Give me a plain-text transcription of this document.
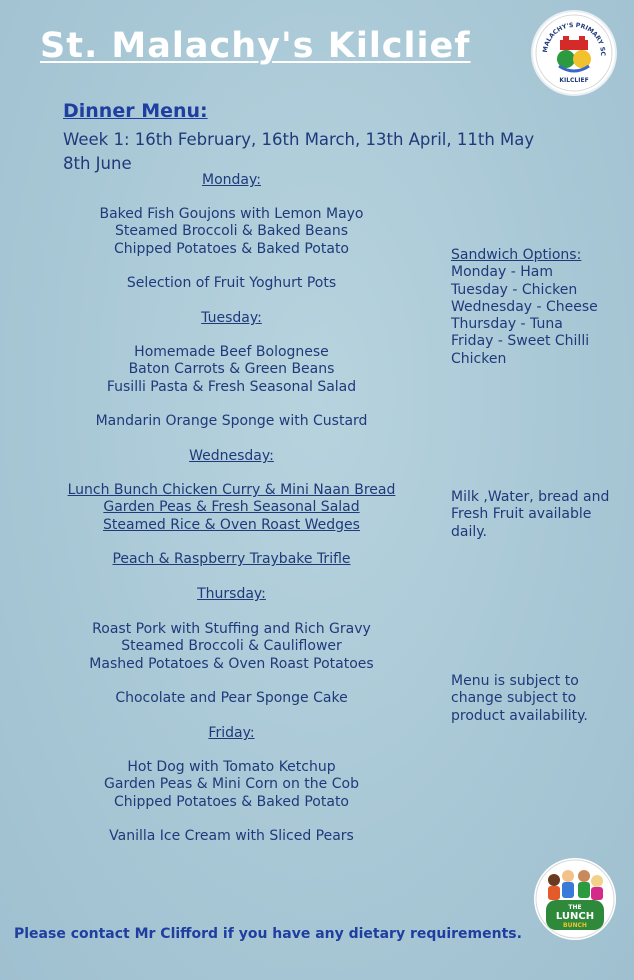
St. Malachy's Kilclief	MALACHY'S PRIMARY SC
KILCLIEF
Dinner Menu:
Week 1: 16th February, 16th March, 13th April, 11th May
8th June
Monday:
Baked Fish Goujons with Lemon Mayo
Steamed Broccoli & Baked Beans
Chipped Potatoes & Baked Potato
Selection of Fruit Yoghurt Pots
Tuesday:
Homemade Beef Bolognese
Baton Carrots & Green Beans
Fusilli Pasta & Fresh Seasonal Salad
Mandarin Orange Sponge with Custard
Wednesday:
Lunch Bunch Chicken Curry & Mini Naan Bread
Garden Peas & Fresh Seasonal Salad
Steamed Rice & Oven Roast Wedges
Peach & Raspberry Traybake Trifle
Thursday:
Roast Pork with Stuffing and Rich Gravy
Steamed Broccoli & Cauliflower
Mashed Potatoes & Oven Roast Potatoes
Chocolate and Pear Sponge Cake
Friday:
Hot Dog with Tomato Ketchup
Garden Peas & Mini Corn on the Cob
Chipped Potatoes & Baked Potato
Vanilla Ice Cream with Sliced Pears
Sandwich Options:
Monday - Ham
Tuesday - Chicken
Wednesday - Cheese
Thursday - Tuna
Friday - Sweet Chilli
Chicken
Milk ,Water, bread and
Fresh Fruit available
daily.
Menu is subject to
change subject to
product availability.
Please contact Mr Clifford if you have any dietary requirements.
THE
LUNCH
BUNCH
